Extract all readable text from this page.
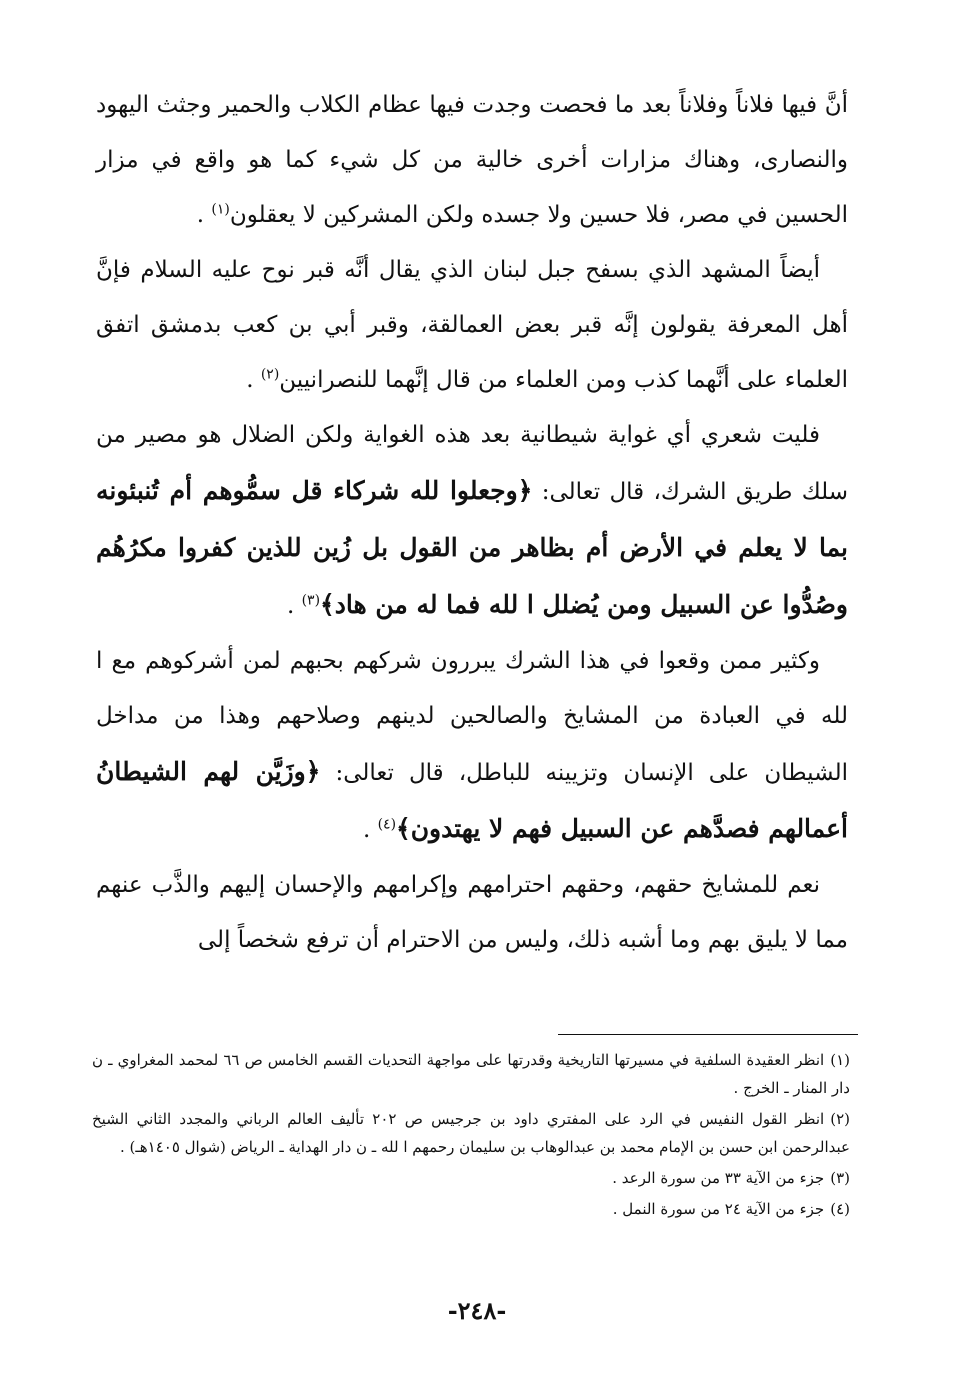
أنَّ فيها فلاناً وفلاناً بعد ما فحصت وجدت فيها عظام الكلاب والحمير وجثث اليهود والنصارى، وهناك مزارات أخرى خالية من كل شيء كما هو واقع في مزار الحسين في مصر، فلا حسين ولا جسده ولكن المشركين لا يعقلون$^{(١)}$ .

أيضاً المشهد الذي بسفح جبل لبنان الذي يقال أنَّه قبر نوح عليه السلام فإنَّ أهل المعرفة يقولون إنَّه قبر بعض العمالقة، وقبر أبي بن كعب بدمشق اتفق العلماء على أنَّهما كذب ومن العلماء من قال إنَّهما للنصرانيين$^{(٢)}$ .

فليت شعري أي غواية شيطانية بعد هذه الغواية ولكن الضلال هو مصير من سلك طريق الشرك، قال تعالى: ﴿وجعلوا لله شركاء قل سمُّوهم أم تُنبئونه بما لا يعلم في الأرض أم بظاهر من القول بل زُين للذين كفروا مكرُهُم وصُدُّوا عن السبيل ومن يُضلل ا لله فما له من هاد﴾$^{(٣)}$ .

وكثير ممن وقعوا في هذا الشرك يبررون شركهم بحبهم لمن أشركوهم مع ا لله في العبادة من المشايخ والصالحين لدينهم وصلاحهم وهذا من مداخل الشيطان على الإنسان وتزيينه للباطل، قال تعالى: ﴿وزَيَّن لهم الشيطانُ أعمالهم فصدَّهم عن السبيل فهم لا يهتدون﴾$^{(٤)}$ .

نعم للمشايخ حقهم، وحقهم احترامهم وإكرامهم والإحسان إليهم والذَّب عنهم مما لا يليق بهم وما أشبه ذلك، وليس من الاحترام أن ترفع شخصاً إلى

(١)انظر العقيدة السلفية في مسيرتها التاريخية وقدرتها على مواجهة التحديات القسم الخامس ص ٦٦ لمحمد المغراوي ـ ن دار المنار ـ الخرج .

(٢)انظر القول النفيس في الرد على المفتري داود بن جرجيس ص ٢٠٢ تأليف العالم الرباني والمجدد الثاني الشيخ عبدالرحمن ابن حسن بن الإمام محمد بن عبدالوهاب بن سليمان رحمهم ا لله ـ ن دار الهداية ـ الرياض (شوال ١٤٠٥هـ) .

(٣)جزء من الآية ٣٣ من سورة الرعد .

(٤)جزء من الآية ٢٤ من سورة النمل .

-٢٤٨-
